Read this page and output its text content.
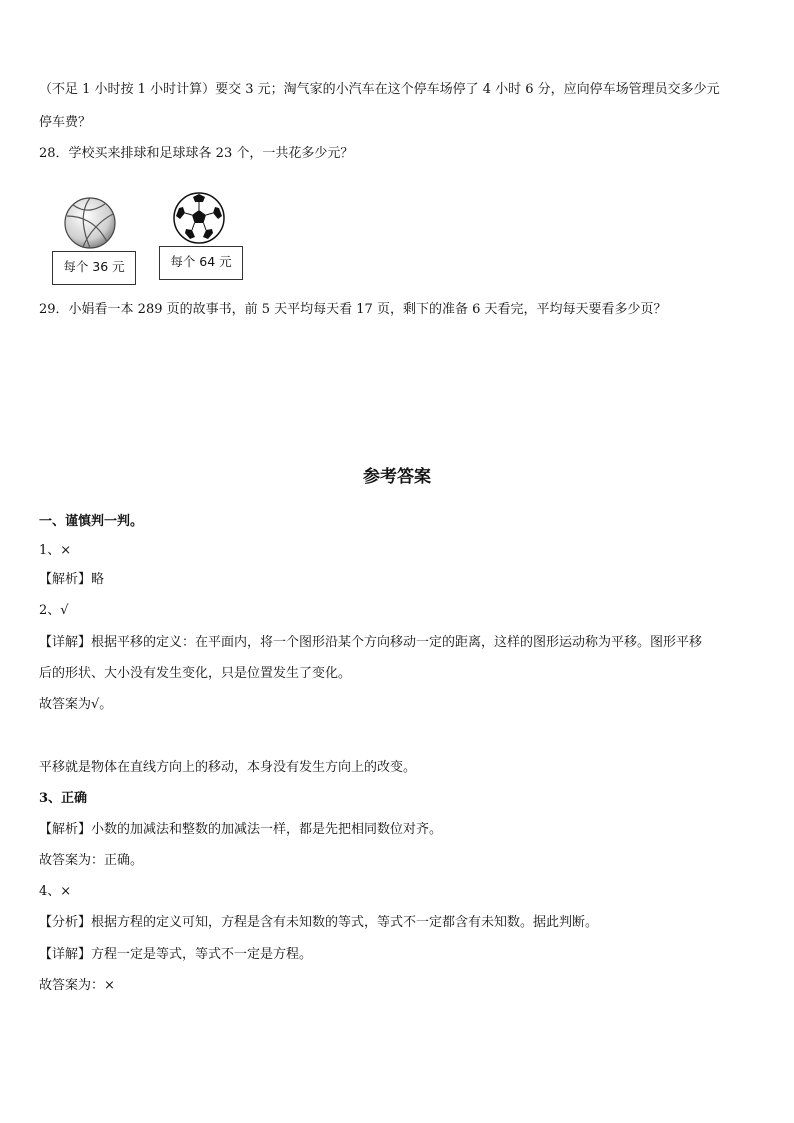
（不足 1 小时按 1 小时计算）要交 3 元；淘气家的小汽车在这个停车场停了 4 小时 6 分，应向停车场管理员交多少元
停车费？
28．学校买来排球和足球球各 23 个，一共花多少元？
每个 36 元	每个 64 元
29．小娟看一本 289 页的故事书，前 5 天平均每天看 17 页，剩下的准备 6 天看完，平均每天要看多少页？
参考答案
一、谨慎判一判。
1、×
【解析】略
2、√
【详解】根据平移的定义：在平面内，将一个图形沿某个方向移动一定的距离，这样的图形运动称为平移。图形平移
后的形状、大小没有发生变化，只是位置发生了变化。
故答案为√。
平移就是物体在直线方向上的移动，本身没有发生方向上的改变。
3、正确
【解析】小数的加减法和整数的加减法一样，都是先把相同数位对齐。
故答案为：正确。
4、×
【分析】根据方程的定义可知，方程是含有未知数的等式，等式不一定都含有未知数。据此判断。
【详解】方程一定是等式，等式不一定是方程。
故答案为：×
